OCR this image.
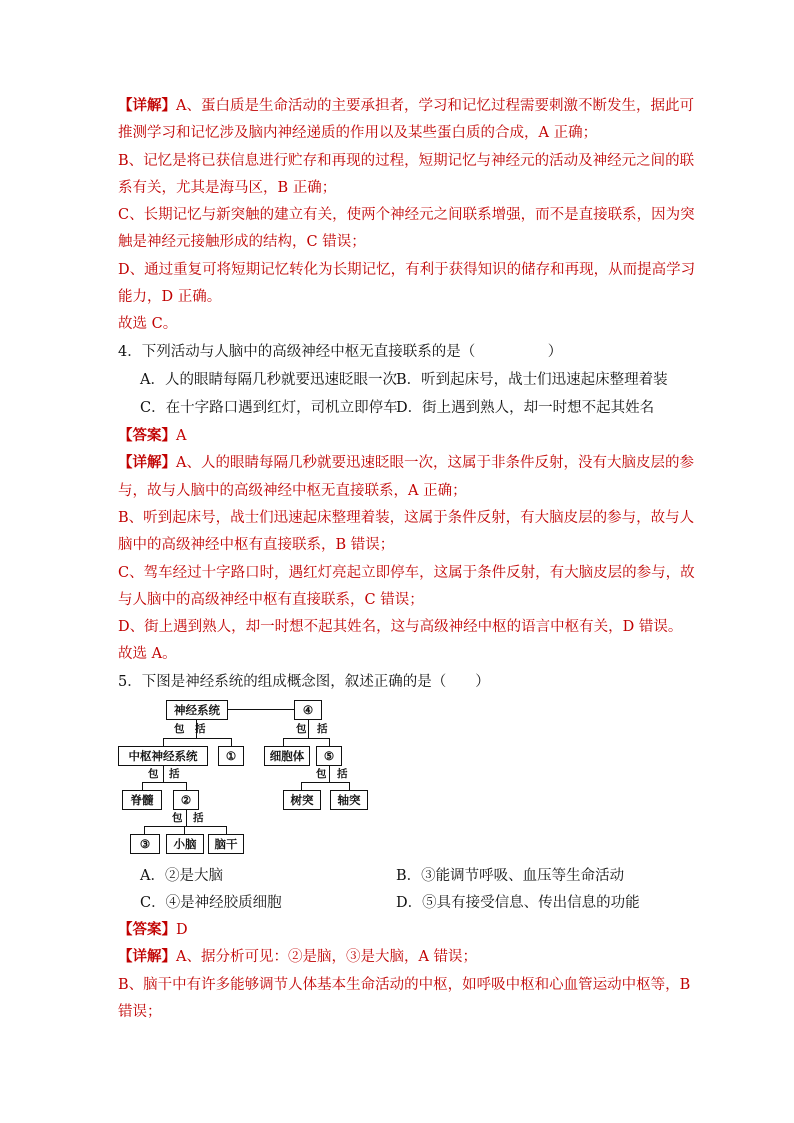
【详解】A、蛋白质是生命活动的主要承担者，学习和记忆过程需要刺激不断发生，据此可
推测学习和记忆涉及脑内神经递质的作用以及某些蛋白质的合成，A 正确；
B、记忆是将已获信息进行贮存和再现的过程，短期记忆与神经元的活动及神经元之间的联
系有关，尤其是海马区，B 正确；
C、长期记忆与新突触的建立有关，使两个神经元之间联系增强，而不是直接联系，因为突
触是神经元接触形成的结构，C 错误；
D、通过重复可将短期记忆转化为长期记忆，有利于获得知识的储存和再现，从而提高学习
能力，D 正确。
故选 C。
4．下列活动与人脑中的高级神经中枢无直接联系的是（　　　　　）
A．人的眼睛每隔几秒就要迅速眨眼一次 B．听到起床号，战士们迅速起床整理着装
C．在十字路口遇到红灯，司机立即停车
D．街上遇到熟人，却一时想不起其姓名
【答案】A
【详解】A、人的眼睛每隔几秒就要迅速眨眼一次，这属于非条件反射，没有大脑皮层的参
与，故与人脑中的高级神经中枢无直接联系，A 正确；
B、听到起床号，战士们迅速起床整理着装，这属于条件反射，有大脑皮层的参与，故与人
脑中的高级神经中枢有直接联系，B 错误；
C、驾车经过十字路口时，遇红灯亮起立即停车，这属于条件反射，有大脑皮层的参与，故
与人脑中的高级神经中枢有直接联系，C 错误；
D、街上遇到熟人，却一时想不起其姓名，这与高级神经中枢的语言中枢有关，D 错误。
故选 A。
5．下图是神经系统的组成概念图，叙述正确的是（　　）
神经系统	④
包　括	包　括
中枢神经系统	①	细胞体	⑤
包　括	包　括
脊髓	②	树突	轴突
包　括
③	小脑	脑干
A．②是大脑	B．③能调节呼吸、血压等生命活动
C．④是神经胶质细胞	D．⑤具有接受信息、传出信息的功能
【答案】D
【详解】A、据分析可见：②是脑，③是大脑，A 错误；
B、脑干中有许多能够调节人体基本生命活动的中枢，如呼吸中枢和心血管运动中枢等，B
错误；
